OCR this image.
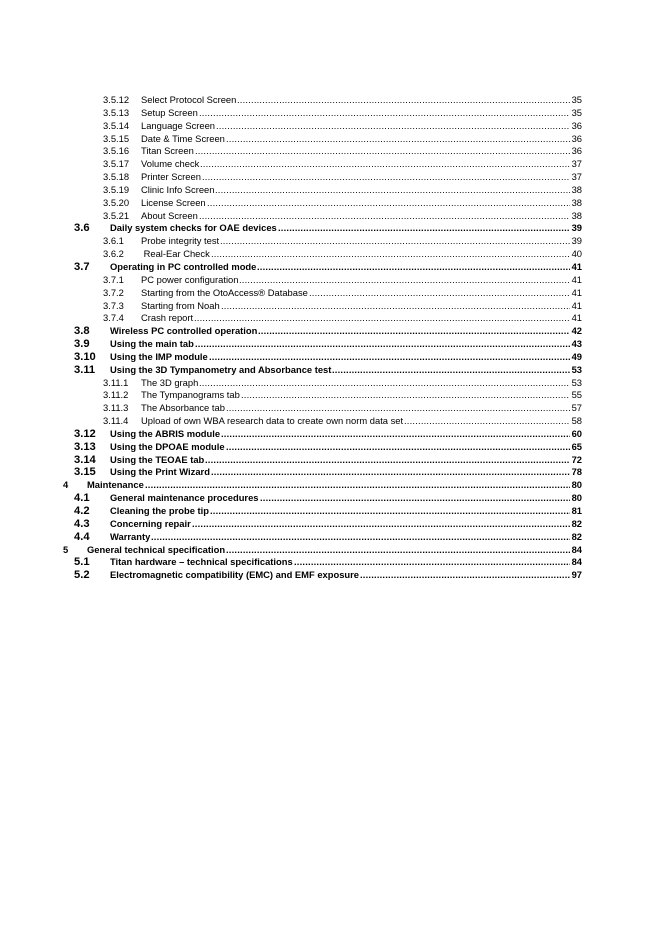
3.5.12 Select Protocol Screen .....	35
3.5.13 Setup Screen .....	35
3.5.14 Language Screen .....	36
3.5.15 Date & Time Screen .....	36
3.5.16 Titan Screen .....	36
3.5.17 Volume check .....	37
3.5.18 Printer Screen .....	37
3.5.19 Clinic Info Screen .....	38
3.5.20 License Screen .....	38
3.5.21 About Screen .....	38
3.6 Daily system checks for OAE devices .....	39
3.6.1 Probe integrity test .....	39
3.6.2 Real-Ear Check .....	40
3.7 Operating in PC controlled mode .....	41
3.7.1 PC power configuration .....	41
3.7.2 Starting from the OtoAccess® Database .....	41
3.7.3 Starting from Noah .....	41
3.7.4 Crash report .....	41
3.8 Wireless PC controlled operation .....	42
3.9 Using the main tab .....	43
3.10 Using the IMP module .....	49
3.11 Using the 3D Tympanometry and Absorbance test .....	53
3.11.1 The 3D graph .....	53
3.11.2 The Tympanograms tab .....	55
3.11.3 The Absorbance tab .....	57
3.11.4 Upload of own WBA research data to create own norm data set .....	58
3.12 Using the ABRIS module .....	60
3.13 Using the DPOAE module .....	65
3.14 Using the TEOAE tab .....	72
3.15 Using the Print Wizard .....	78
4 Maintenance .....	80
4.1 General maintenance procedures .....	80
4.2 Cleaning the probe tip .....	81
4.3 Concerning repair .....	82
4.4 Warranty .....	82
5 General technical specification .....	84
5.1 Titan hardware – technical specifications .....	84
5.2 Electromagnetic compatibility (EMC) and EMF exposure .....	97
